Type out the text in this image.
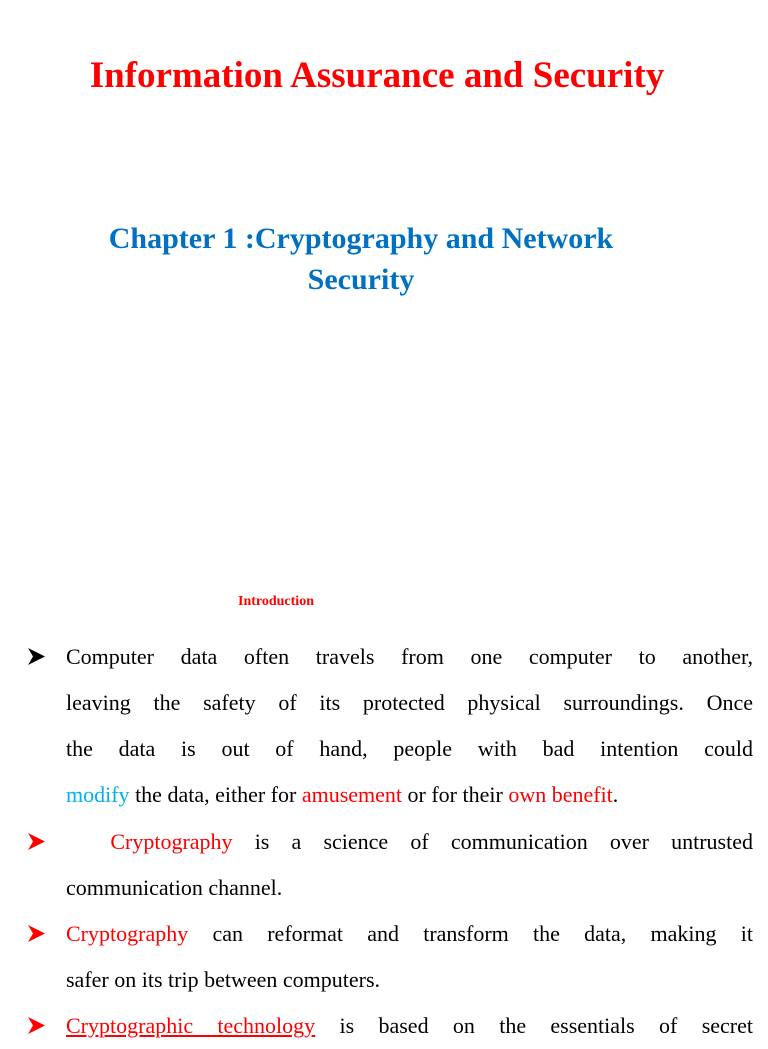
Information Assurance and Security
Chapter 1 :Cryptography and Network
Security
Introduction
Computer data often travels from one computer to another,
leaving the safety of its protected physical surroundings. Once
the data is out of hand, people with bad intention could
modify the data, either for amusement or for their own benefit.
Cryptography is a science of communication over untrusted
communication channel.
Cryptography can reformat and transform the data, making it
safer on its trip between computers.
Cryptographic technology is based on the essentials of secret
